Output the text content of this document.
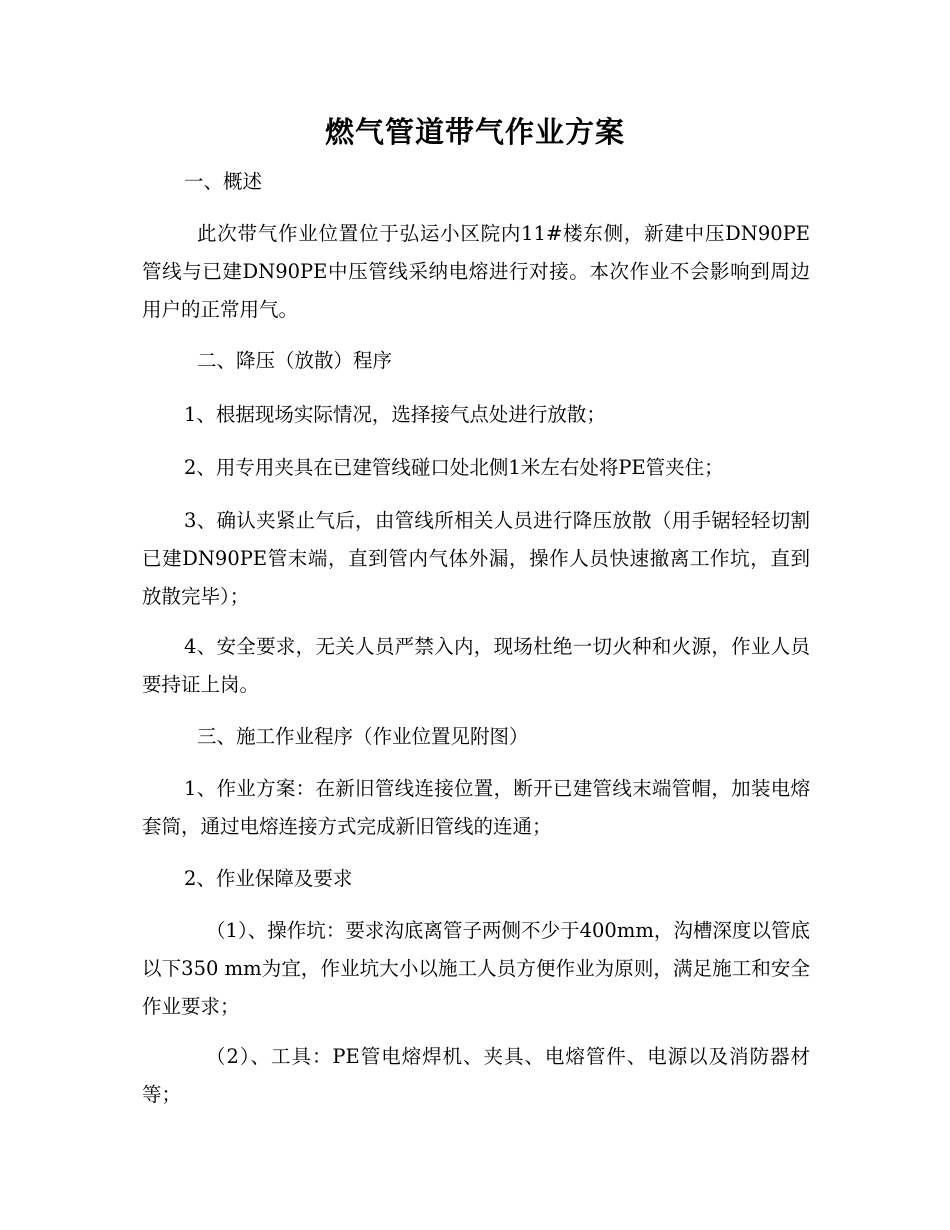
燃气管道带气作业方案

一、概述

此次带气作业位置位于弘运小区院内11#楼东侧，新建中压DN90PE管线与已建DN90PE中压管线采纳电熔进行对接。本次作业不会影响到周边用户的正常用气。

二、降压（放散）程序

1、根据现场实际情况，选择接气点处进行放散；

2、用专用夹具在已建管线碰口处北侧1米左右处将PE管夹住；

3、确认夹紧止气后，由管线所相关人员进行降压放散（用手锯轻轻切割已建DN90PE管末端，直到管内气体外漏，操作人员快速撤离工作坑，直到放散完毕）；

4、安全要求，无关人员严禁入内，现场杜绝一切火种和火源，作业人员要持证上岗。

三、施工作业程序（作业位置见附图）

1、作业方案：在新旧管线连接位置，断开已建管线末端管帽，加装电熔套筒，通过电熔连接方式完成新旧管线的连通；

2、作业保障及要求

（1）、操作坑：要求沟底离管子两侧不少于400mm，沟槽深度以管底以下350 mm为宜，作业坑大小以施工人员方便作业为原则，满足施工和安全作业要求；

（2）、工具：PE管电熔焊机、夹具、电熔管件、电源以及消防器材等；
